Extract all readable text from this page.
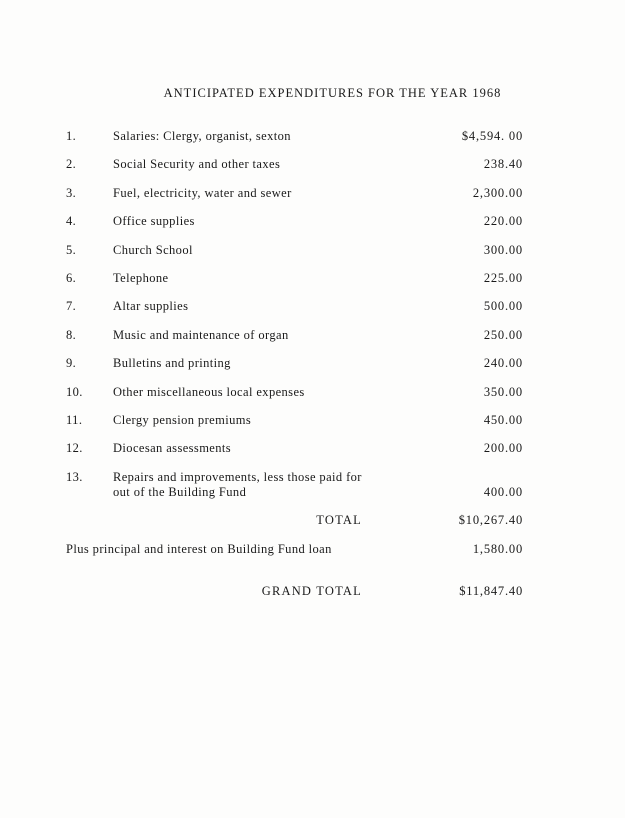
ANTICIPATED EXPENDITURES FOR THE YEAR 1968
1.	Salaries: Clergy, organist, sexton	$4,594. 00
2.	Social Security and other taxes	238.40
3.	Fuel, electricity, water and sewer	2,300.00
4.	Office supplies	220.00
5.	Church School	300.00
6.	Telephone	225.00
7.	Altar supplies	500.00
8.	Music and maintenance of organ	250.00
9.	Bulletins and printing	240.00
10. Other miscellaneous local expenses	350.00
11. Clergy pension premiums	450.00
12. Diocesan assessments	200.00
13. Repairs and improvements, less those paid for
out of the Building Fund	400.00
TOTAL	$10,267.40
Plus principal and interest on Building Fund loan	1,580.00
GRAND TOTAL	$11,847.40
